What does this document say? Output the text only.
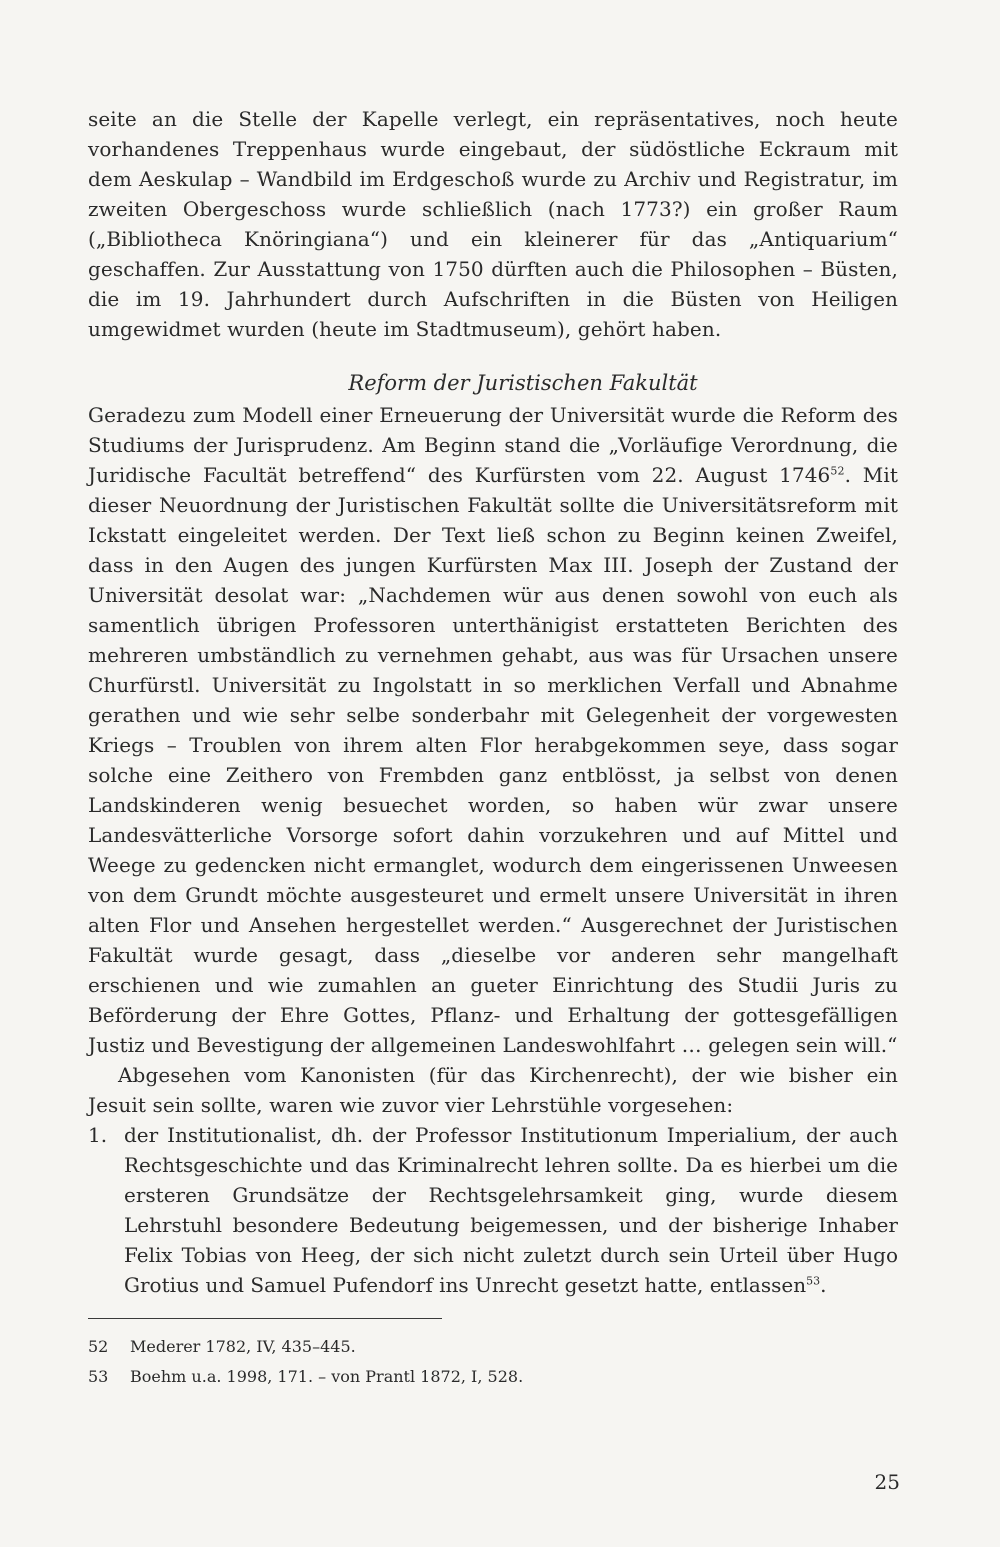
seite an die Stelle der Kapelle verlegt, ein repräsentatives, noch heute vorhandenes Treppenhaus wurde eingebaut, der südöstliche Eckraum mit dem Aeskulap – Wandbild im Erdgeschoß wurde zu Archiv und Registratur, im zweiten Obergeschoss wurde schließlich (nach 1773?) ein großer Raum („Bibliotheca Knöringiana“) und ein kleinerer für das „Antiquarium“ geschaffen. Zur Ausstattung von 1750 dürften auch die Philosophen – Büsten, die im 19. Jahrhundert durch Aufschriften in die Büsten von Heiligen umgewidmet wurden (heute im Stadtmuseum), gehört haben.

Reform der Juristischen Fakultät

Geradezu zum Modell einer Erneuerung der Universität wurde die Reform des Studiums der Jurisprudenz. Am Beginn stand die „Vorläufige Verordnung, die Juridische Facultät betreffend“ des Kurfürsten vom 22. August 1746$^{52}$. Mit dieser Neuordnung der Juristischen Fakultät sollte die Universitätsreform mit Ickstatt eingeleitet werden. Der Text ließ schon zu Beginn keinen Zweifel, dass in den Augen des jungen Kurfürsten Max III. Joseph der Zustand der Universität desolat war: „Nachdemen wür aus denen sowohl von euch als samentlich übrigen Professoren unterthänigist erstatteten Berichten des mehreren umbständlich zu vernehmen gehabt, aus was für Ursachen unsere Churfürstl. Universität zu Ingolstatt in so merklichen Verfall und Abnahme gerathen und wie sehr selbe sonderbahr mit Gelegenheit der vorgewesten Kriegs – Troublen von ihrem alten Flor herabgekommen seye, dass sogar solche eine Zeithero von Frembden ganz entblösst, ja selbst von denen Landskinderen wenig besuechet worden, so haben wür zwar unsere Landesvätterliche Vorsorge sofort dahin vorzukehren und auf Mittel und Weege zu gedencken nicht ermanglet, wodurch dem eingerissenen Unweesen von dem Grundt möchte ausgesteuret und ermelt unsere Universität in ihren alten Flor und Ansehen hergestellet werden.“ Ausgerechnet der Juristischen Fakultät wurde gesagt, dass „dieselbe vor anderen sehr mangelhaft erschienen und wie zumahlen an gueter Einrichtung des Studii Juris zu Beförderung der Ehre Gottes, Pflanz- und Erhaltung der gottesgefälligen Justiz und Bevestigung der allgemeinen Landeswohlfahrt … gelegen sein will.“

Abgesehen vom Kanonisten (für das Kirchenrecht), der wie bisher ein Jesuit sein sollte, waren wie zuvor vier Lehrstühle vorgesehen:

1. der Institutionalist, dh. der Professor Institutionum Imperialium, der auch Rechtsgeschichte und das Kriminalrecht lehren sollte. Da es hierbei um die ersteren Grundsätze der Rechtsgelehrsamkeit ging, wurde diesem Lehrstuhl besondere Bedeutung beigemessen, und der bisherige Inhaber Felix Tobias von Heeg, der sich nicht zuletzt durch sein Urteil über Hugo Grotius und Samuel Pufendorf ins Unrecht gesetzt hatte, entlassen$^{53}$.
52 Mederer 1782, IV, 435–445.
53 Boehm u.a. 1998, 171. – von Prantl 1872, I, 528.
25
